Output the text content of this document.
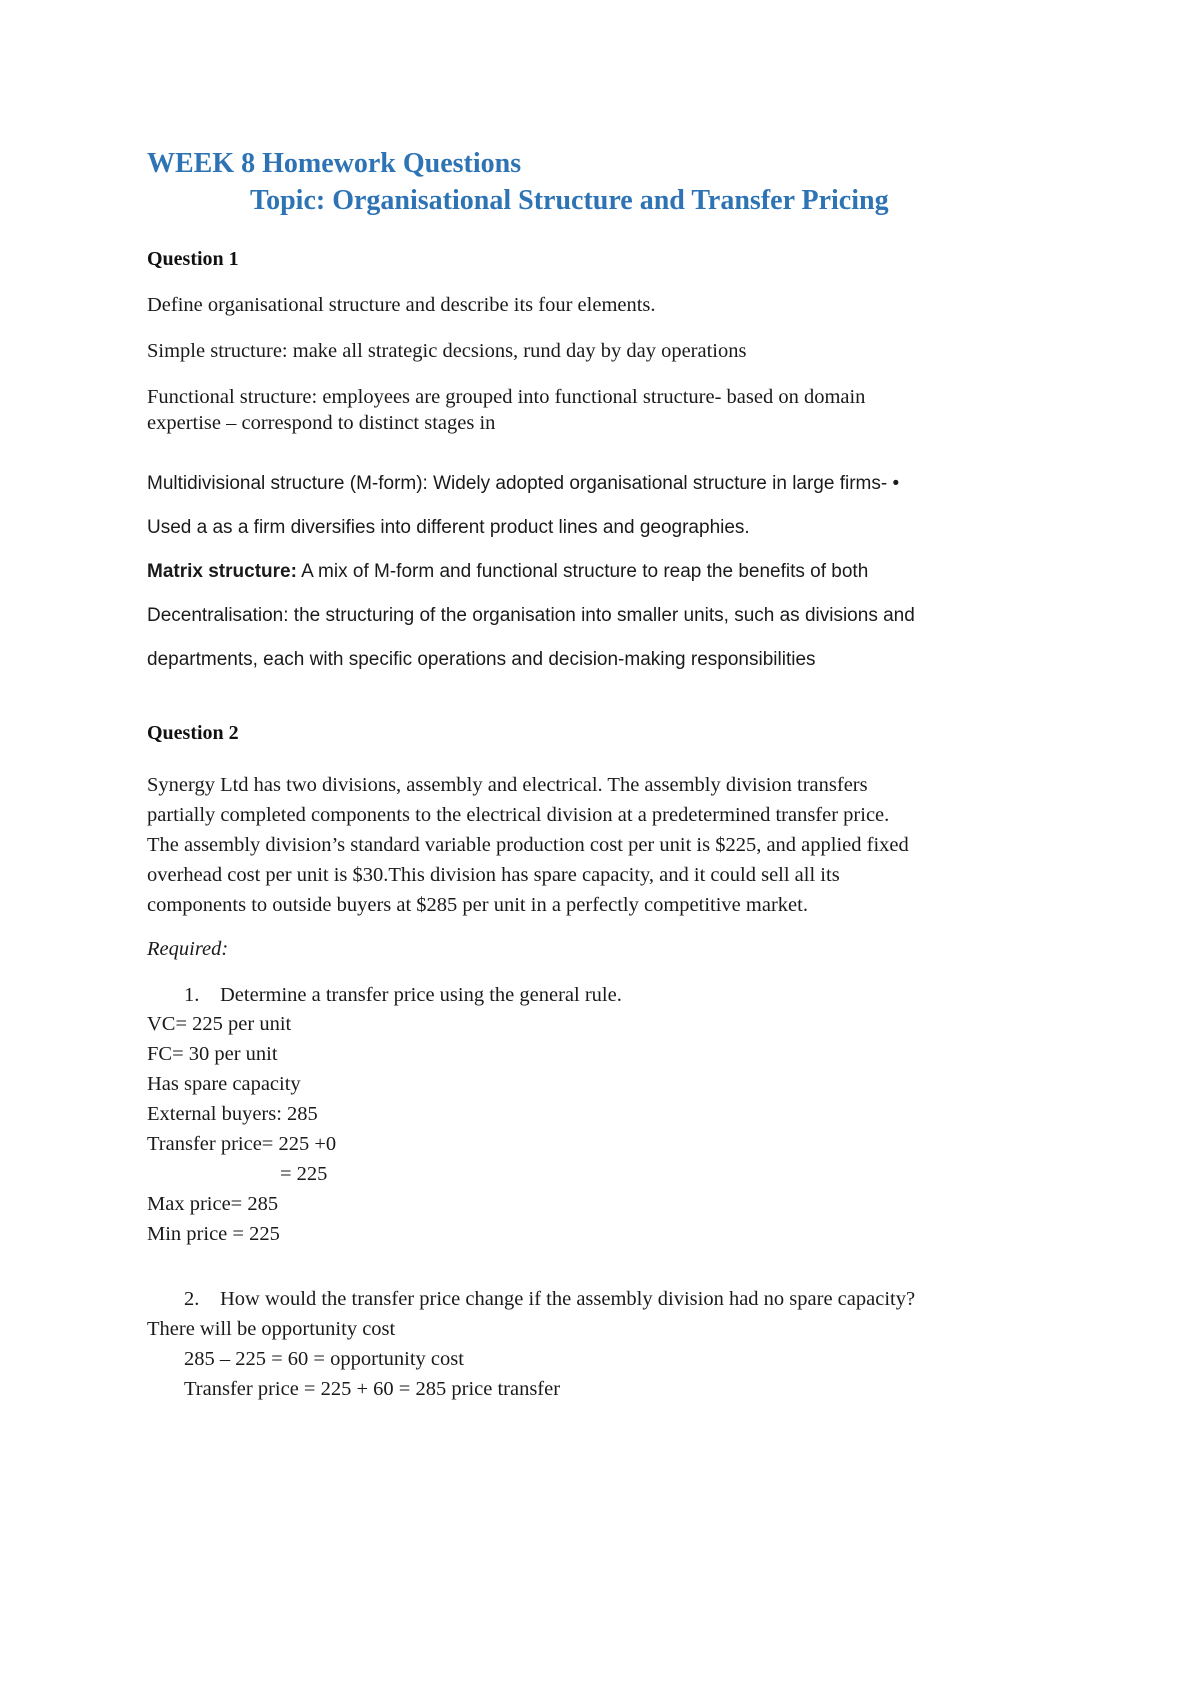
WEEK 8 Homework Questions
Topic: Organisational Structure and Transfer Pricing
Question 1
Define organisational structure and describe its four elements.
Simple structure: make all strategic decsions, rund day by day operations
Functional structure: employees are grouped into functional structure- based on domain
expertise – correspond to distinct stages in
Multidivisional structure (M-form): Widely adopted organisational structure in large firms- •
Used a as a firm diversifies into different product lines and geographies.
Matrix structure: A mix of M-form and functional structure to reap the benefits of both
Decentralisation: the structuring of the organisation into smaller units, such as divisions and
departments, each with specific operations and decision-making responsibilities
Question 2
Synergy Ltd has two divisions, assembly and electrical. The assembly division transfers
partially completed components to the electrical division at a predetermined transfer price.
The assembly division’s standard variable production cost per unit is $225, and applied fixed
overhead cost per unit is $30.This division has spare capacity, and it could sell all its
components to outside buyers at $285 per unit in a perfectly competitive market.
Required:
1. Determine a transfer price using the general rule.
VC= 225 per unit
FC= 30 per unit
Has spare capacity
External buyers: 285
Transfer price= 225 +0
= 225
Max price= 285
Min price = 225
2. How would the transfer price change if the assembly division had no spare capacity?
There will be opportunity cost
285 – 225 = 60 = opportunity cost
Transfer price = 225 + 60 = 285 price transfer
